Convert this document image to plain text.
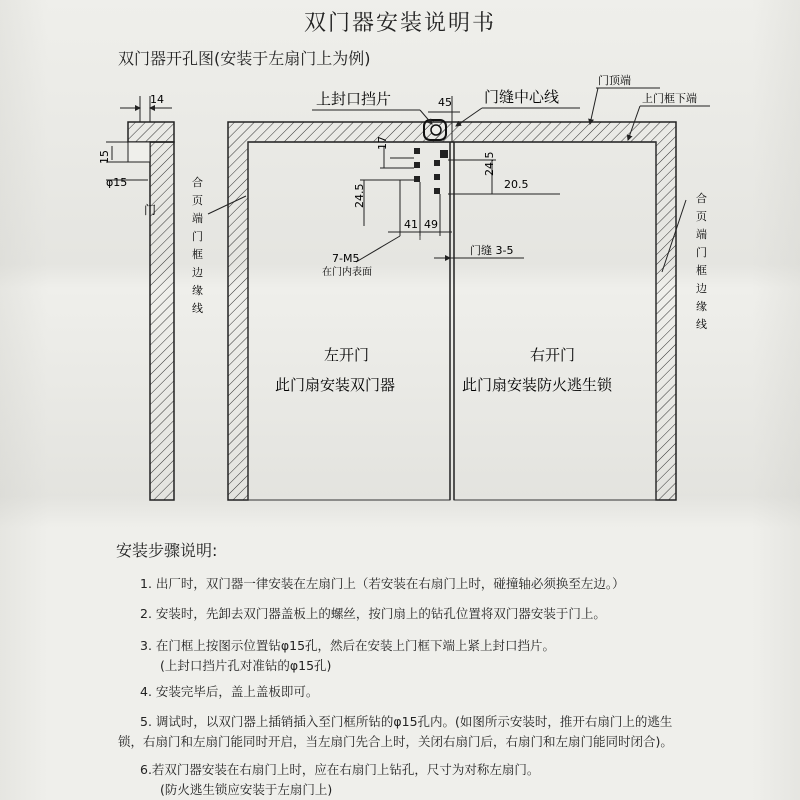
双门器安装说明书
双门器开孔图(安装于左扇门上为例)
14
15
φ15
门
17
24.5
24.5
20.5
41 49
7-M5
在门内表面
上封口挡片	45 门缝中心线
门顶端
上门框下端
门缝 3-5
左开门
此门扇安装双门器
右开门
此门扇安装防火逃生锁
合
页
端
门
框
边
缘
线
合
页
端
门
框
边
缘
线
安装步骤说明:
1. 出厂时，双门器一律安装在左扇门上（若安装在右扇门上时，碰撞轴必须换至左边。）
2. 安装时，先卸去双门器盖板上的螺丝，按门扇上的钻孔位置将双门器安装于门上。
3. 在门框上按图示位置钻φ15孔，然后在安装上门框下端上紧上封口挡片。
(上封口挡片孔对准钻的φ15孔)
4. 安装完毕后，盖上盖板即可。
5. 调试时，以双门器上插销插入至门框所钻的φ15孔内。(如图所示安装时，推开右扇门上的逃生
锁，右扇门和左扇门能同时开启，当左扇门先合上时，关闭右扇门后，右扇门和左扇门能同时闭合)。
6.若双门器安装在右扇门上时，应在右扇门上钻孔，尺寸为对称左扇门。
(防火逃生锁应安装于左扇门上)
